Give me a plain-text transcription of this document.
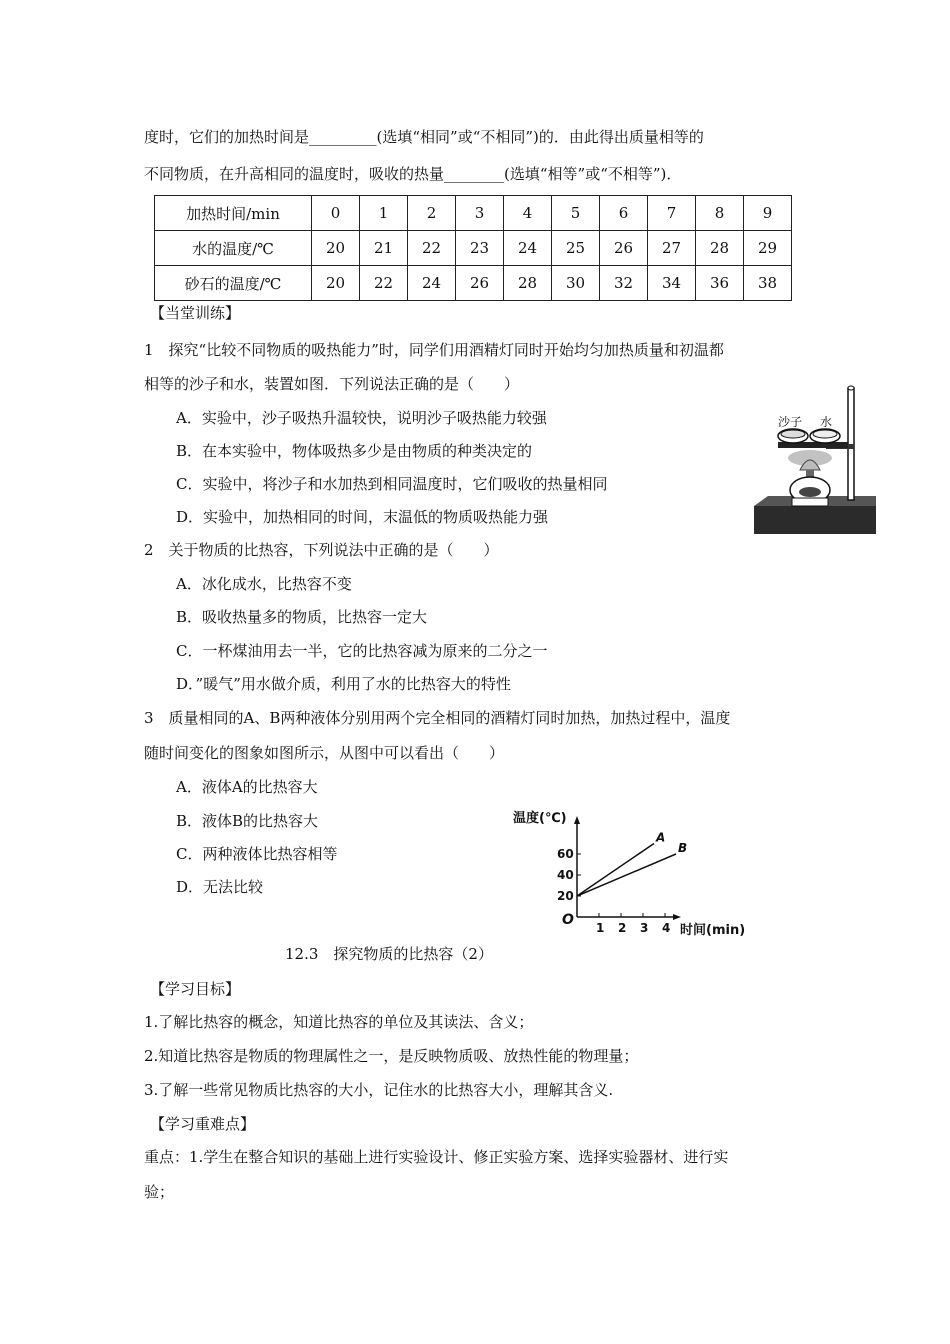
度时，它们的加热时间是_________(选填“相同”或“不相同”)的．由此得出质量相等的
不同物质，在升高相同的温度时，吸收的热量________(选填“相等”或“不相等”)．
加热时间/min	0	1	2	3	4	5	6	7	8	9
水的温度/℃	20	21	22	23	24	25	26	27	28	29
砂石的温度/℃	20	22	24	26	28	30	32	34	36	38
【当堂训练】
1　探究“比较不同物质的吸热能力”时，同学们用酒精灯同时开始均匀加热质量和初温都
相等的沙子和水，装置如图．下列说法正确的是（　　）
A．实验中，沙子吸热升温较快，说明沙子吸热能力较强
B．在本实验中，物体吸热多少是由物质的种类决定的
C．实验中，将沙子和水加热到相同温度时，它们吸收的热量相同
D．实验中，加热相同的时间，末温低的物质吸热能力强
沙子 水
2　关于物质的比热容，下列说法中正确的是（　　）
A．冰化成水，比热容不变
B．吸收热量多的物质，比热容一定大
C．一杯煤油用去一半，它的比热容减为原来的二分之一
D．”暖气”用水做介质，利用了水的比热容大的特性
3　质量相同的A、B两种液体分别用两个完全相同的酒精灯同时加热，加热过程中，温度
随时间变化的图象如图所示，从图中可以看出（　　）
A．液体A的比热容大
B．液体B的比热容大
C．两种液体比热容相等
D．无法比较
温度(℃)
时间(min)
O 1 2 3 4
20
40
60
A
B
12.3　探究物质的比热容（2）
【学习目标】
1.了解比热容的概念，知道比热容的单位及其读法、含义；
2.知道比热容是物质的物理属性之一，是反映物质吸、放热性能的物理量；
3.了解一些常见物质比热容的大小，记住水的比热容大小，理解其含义.
【学习重难点】
重点：1.学生在整合知识的基础上进行实验设计、修正实验方案、选择实验器材、进行实
验；
